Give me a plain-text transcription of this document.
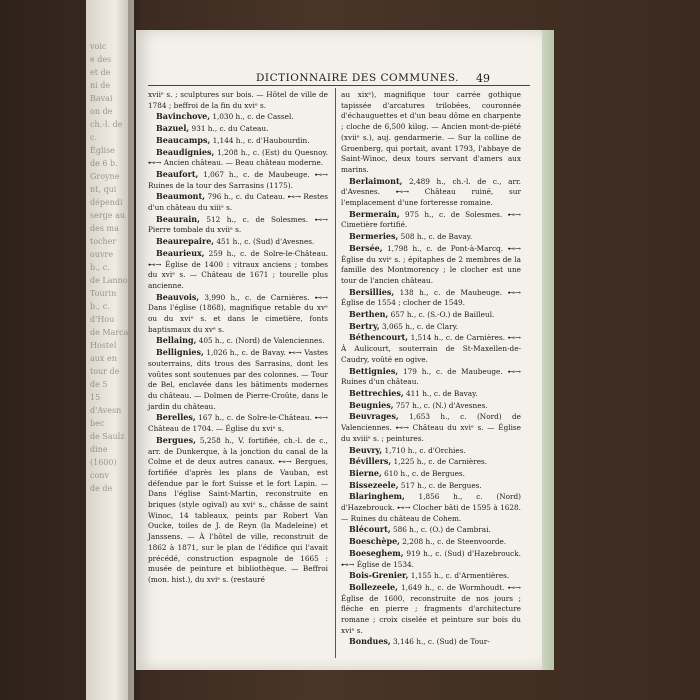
voic
e des
et de
ni de
Bavai
on de
ch.-l. de c.
Église
de 6 b.
Groyne
nt, qui
dépendi
serge au
des ma
tocher
ouvre
b., c.
de Lanno
Tourin
b., c.
d'Hou
de Marca
Hostel
aux en
tour de
de 5
15 d'Avesn
bec
de Saulz
dine (1600)
conv
de de
DICTIONNAIRE DES COMMUNES. 49

xviiᵉ s. ; sculptures sur bois. — Hôtel de ville de 1784 ; beffroi de la fin du xviᵉ s.

Bavinchove, 1,030 h., c. de Cassel.

Bazuel, 931 h., c. du Cateau.

Beaucamps, 1,144 h., c. d'Haubourdin.

Beaudignies, 1,208 h., c. (Est) du Quesnoy. ⊷→ Ancien château. — Beau château moderne.

Beaufort, 1,067 h., c. de Maubeuge. ⊷→ Ruines de la tour des Sarrasins (1175).

Beaumont, 796 h., c. du Cateau. ⊷→ Restes d'un château du xiiiᵉ s.

Beaurain, 512 h., c. de Solesmes. ⊷→ Pierre tombale du xviiᵉ s.

Beaurepaire, 451 h., c. (Sud) d'Avesnes.

Beaurieux, 259 h., c. de Solre-le-Château. ⊷→ Église de 1400 : vitraux anciens ; tombes du xviᵉ s. — Château de 1671 ; tourelle plus ancienne.

Beauvois, 3,990 h., c. de Carnières. ⊷→ Dans l'église (1868), magnifique retable du xvᵉ ou du xviᵉ s. et dans le cimetière, fonts baptismaux du xvᵉ s.

Bellaing, 405 h., c. (Nord) de Valenciennes.

Bellignies, 1,026 h., c. de Bavay. ⊷→ Vastes souterrains, dits trous des Sarrasins, dont les voûtes sont soutenues par des colonnes. — Tour de Bel, enclavée dans les bâtiments modernes du château. — Dolmen de Pierre-Croûte, dans le jardin du château.

Berelles, 167 h., c. de Solre-le-Château. ⊷→ Château de 1704. — Église du xviᵉ s.

Bergues, 5,258 h., V. fortifiée, ch.-l. de c., arr. de Dunkerque, à la jonction du canal de la Colme et de deux autres canaux. ⊷→ Bergues, fortifiée d'après les plans de Vauban, est défendue par le fort Suisse et le fort Lapin. — Dans l'église Saint-Martin, reconstruite en briques (style ogival) au xviᵉ s., châsse de saint Winoc, 14 tableaux, peints par Robert Van Oucke, toiles de J. de Reyn (la Madeleine) et Janssens. — À l'hôtel de ville, reconstruit de 1862 à 1871, sur le plan de l'édifice qui l'avait précédé, construction espagnole de 1665 : musée de peinture et bibliothèque. — Beffroi (mon. hist.), du xviᵉ s. (restauré

au xixᵉ), magnifique tour carrée gothique tapissée d'arcatures trilobées, couronnée d'échauguettes et d'un beau dôme en charpente ; cloche de 6,500 kilog. — Ancien mont-de-piété (xviiᵉ s.), auj. gendarmerie. — Sur la colline de Groenberg, qui portait, avant 1793, l'abbaye de Saint-Winoc, deux tours servant d'amers aux marins.

Berlaimont, 2,489 h., ch.-l. de c., arr. d'Avesnes. ⊷→ Château ruiné, sur l'emplacement d'une forteresse romaine.

Bermerain, 975 h., c. de Solesmes. ⊷→ Cimetière fortifié.

Bermeries, 508 h., c. de Bavay.

Bersée, 1,798 h., c. de Pont-à-Marcq. ⊷→ Église du xviᵉ s. ; épitaphes de 2 membres de la famille des Montmorency ; le clocher est une tour de l'ancien château.

Bersillies, 138 h., c. de Maubeuge. ⊷→ Église de 1554 ; clocher de 1549.

Berthen, 657 h., c. (S.-O.) de Bailleul.

Bertry, 3,065 h., c. de Clary.

Béthencourt, 1,514 h., c. de Carnières. ⊷→ À Aulicourt, souterrain de St-Maxellen-de-Caudry, voûté en ogive.

Bettignies, 179 h., c. de Maubeuge. ⊷→ Ruines d'un château.

Bettrechies, 411 h., c. de Bavay.

Beugnies, 757 h., c. (N.) d'Avesnes.

Beuvrages, 1,653 h., c. (Nord) de Valenciennes. ⊷→ Château du xviᵉ s. — Église du xviiiᵉ s. ; peintures.

Beuvry, 1,710 h., c. d'Orchies.

Bévillers, 1,225 h., c. de Carnières.

Bierne, 610 h., c. de Bergues.

Bissezeele, 517 h., c. de Bergues.

Blaringhem, 1,856 h., c. (Nord) d'Hazebrouck. ⊷→ Clocher bâti de 1595 à 1628. — Ruines du château de Cohem.

Blécourt, 586 h., c. (O.) de Cambrai.

Boeschèpe, 2,208 h., c. de Steenvoorde.

Boeseghem, 919 h., c. (Sud) d'Hazebrouck. ⊷→ Église de 1534.

Bois-Grenier, 1,155 h., c. d'Armentières.

Bollezeele, 1,649 h., c. de Wormhoudt. ⊷→ Église de 1600, reconstruite de nos jours ; flèche en pierre ; fragments d'architecture romane ; croix ciselée et peinture sur bois du xviᵉ s.

Bondues, 3,146 h., c. (Sud) de Tour-
